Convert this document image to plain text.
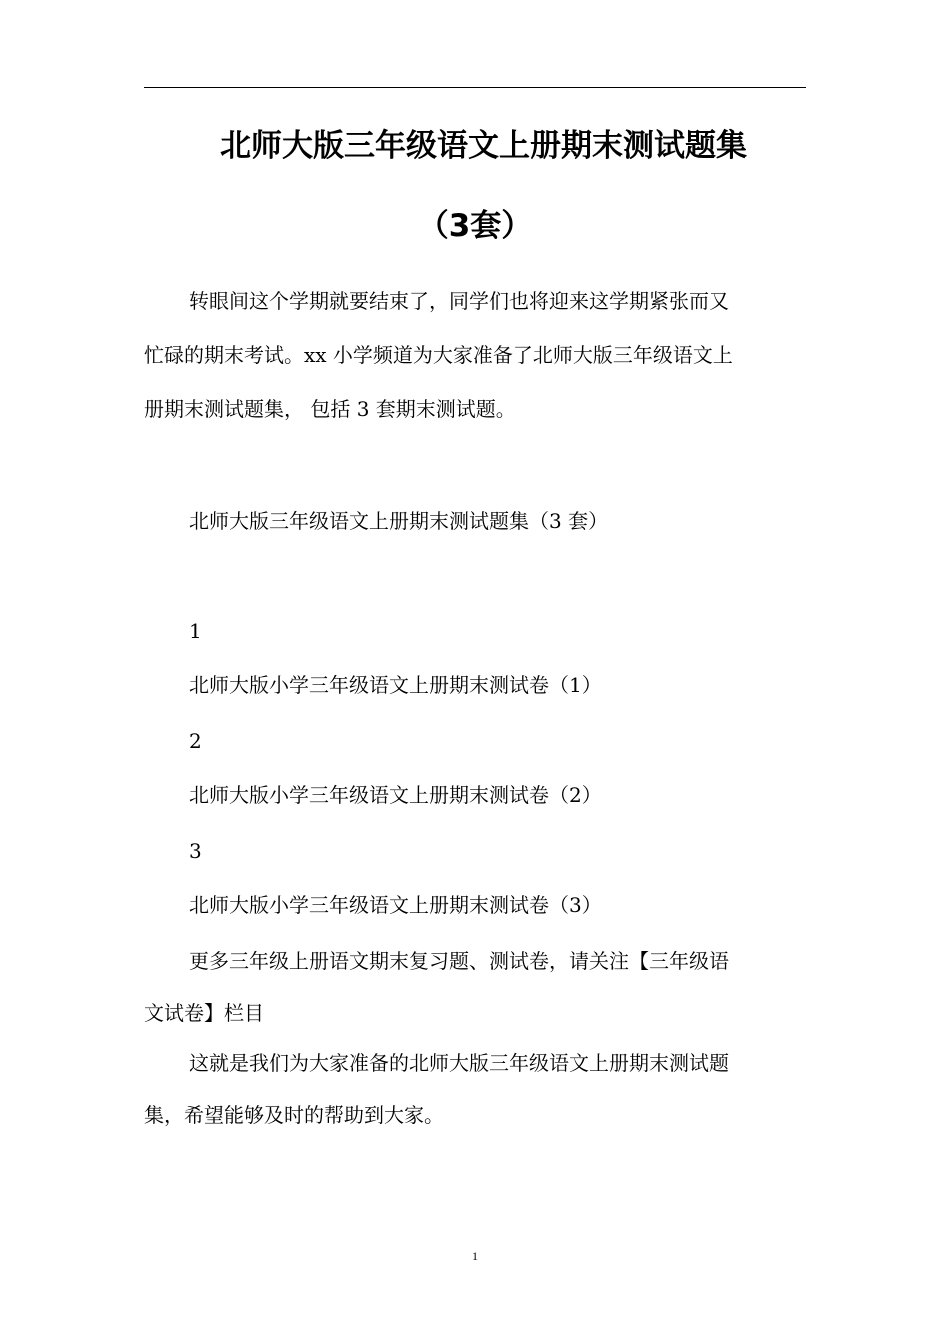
北师大版三年级语文上册期末测试题集
（3套）
转眼间这个学期就要结束了，同学们也将迎来这学期紧张而又
忙碌的期末考试。xx 小学频道为大家准备了北师大版三年级语文上
册期末测试题集， 包括 3 套期末测试题。
北师大版三年级语文上册期末测试题集（3 套）
1
北师大版小学三年级语文上册期末测试卷（1）
2
北师大版小学三年级语文上册期末测试卷（2）
3
北师大版小学三年级语文上册期末测试卷（3）
更多三年级上册语文期末复习题、测试卷，请关注【三年级语
文试卷】栏目
这就是我们为大家准备的北师大版三年级语文上册期末测试题
集，希望能够及时的帮助到大家。
1
